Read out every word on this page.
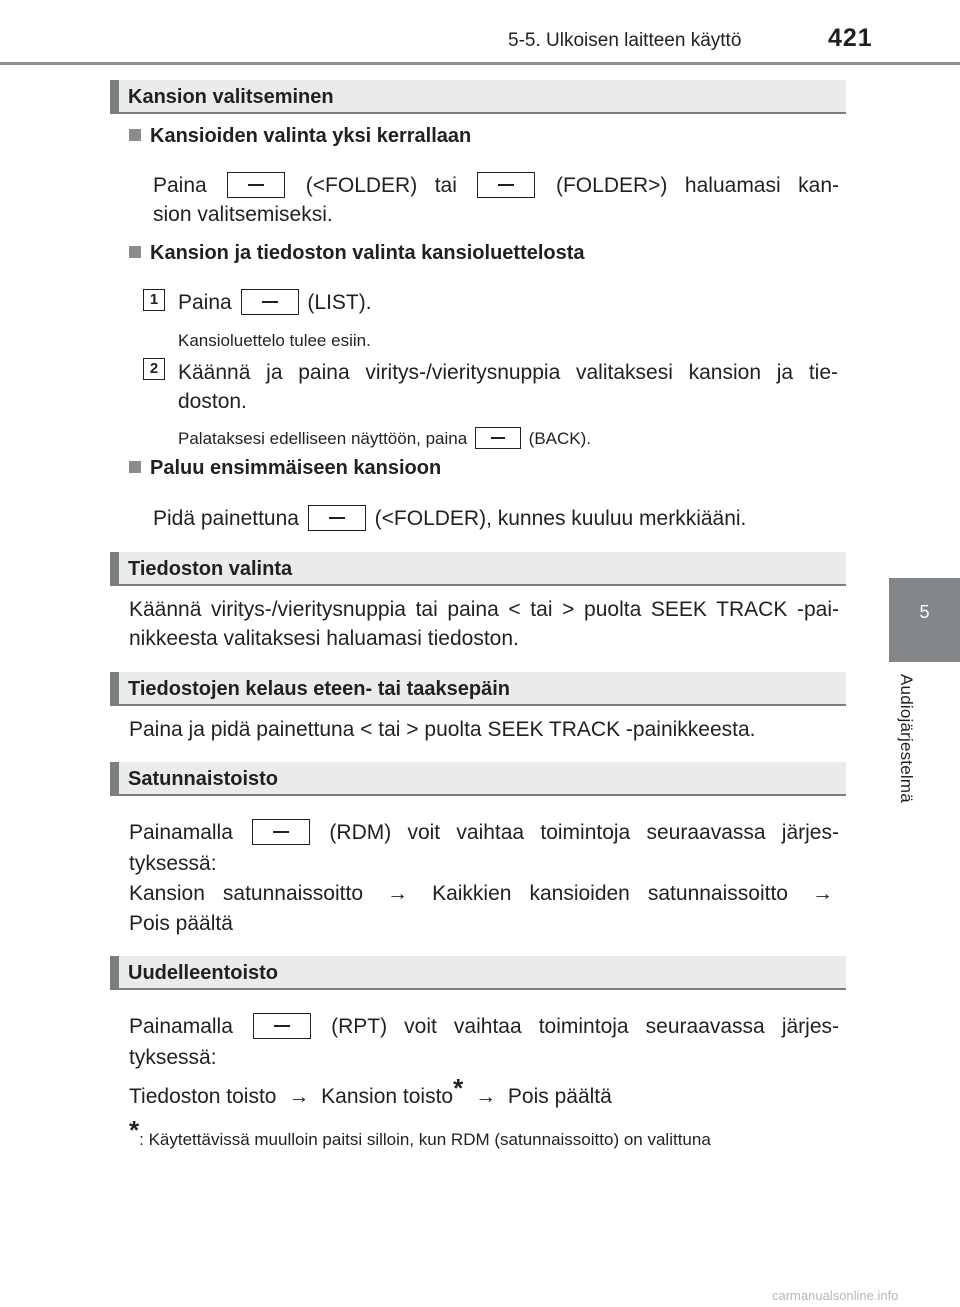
5-5. Ulkoisen laitteen käyttö	421
5
Audiojärjestelmä
Kansion valitseminen
Kansioiden valinta yksi kerrallaan
Paina	(<FOLDER) tai	(FOLDER>) haluamasi kan-
sion valitsemiseksi.
Kansion ja tiedoston valinta kansioluettelosta
1 Paina	(LIST).
Kansioluettelo tulee esiin.
2 Käännä ja paina viritys-/vieritysnuppia valitaksesi kansion ja tie-
doston.
Palataksesi edelliseen näyttöön, paina	(BACK).
Paluu ensimmäiseen kansioon
Pidä painettuna	(<FOLDER), kunnes kuuluu merkkiääni.
Tiedoston valinta
Käännä viritys-/vieritysnuppia tai paina < tai > puolta SEEK TRACK -pai-
nikkeesta valitaksesi haluamasi tiedoston.
Tiedostojen kelaus eteen- tai taaksepäin
Paina ja pidä painettuna < tai > puolta SEEK TRACK -painikkeesta.
Satunnaistoisto
Painamalla	(RDM) voit vaihtaa toimintoja seuraavassa järjes-
tyksessä:
Kansion satunnaissoitto → Kaikkien kansioiden satunnaissoitto →
Pois päältä
Uudelleentoisto
Painamalla	(RPT) voit vaihtaa toimintoja seuraavassa järjes-
tyksessä:
Tiedoston toisto → Kansion toisto* → Pois päältä
*: Käytettävissä muulloin paitsi silloin, kun RDM (satunnaissoitto) on valittuna
carmanualsonline.info
